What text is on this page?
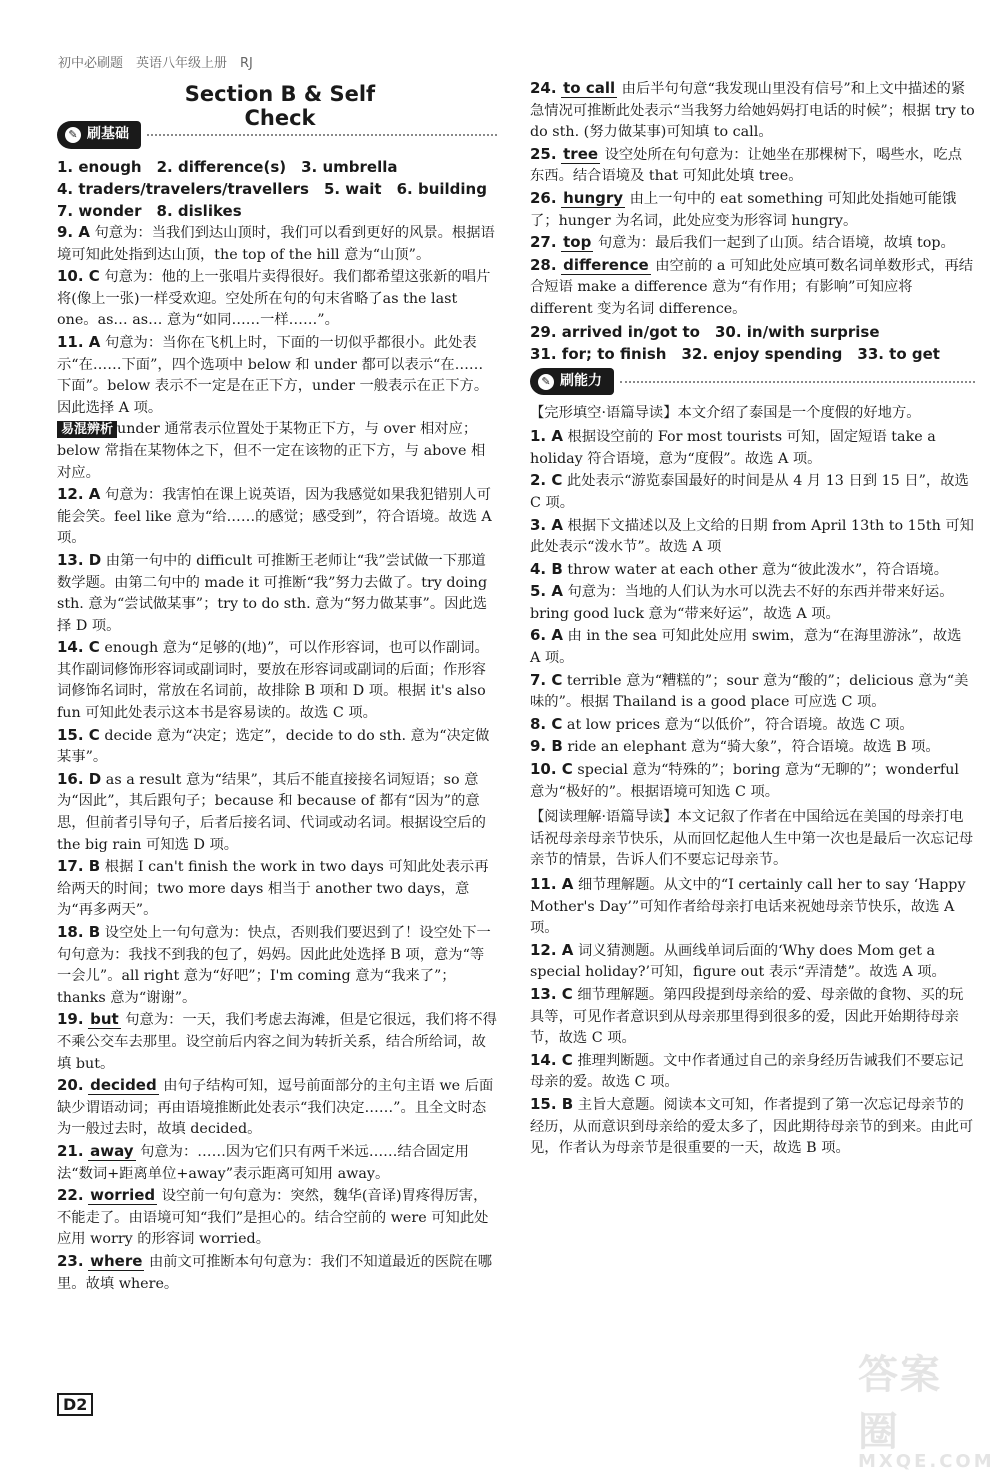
初中必刷题　英语八年级上册　RJ
Section B & Self Check
✎ 刷基础
1. enough　2. difference(s)　3. umbrella
4. traders/travelers/travellers　5. wait　6. building
7. wonder　8. dislikes
9. A 句意为：当我们到达山顶时，我们可以看到更好的风景。根据语境可知此处指到达山顶，the top of the hill 意为“山顶”。
10. C 句意为：他的上一张唱片卖得很好。我们都希望这张新的唱片将(像上一张)一样受欢迎。空处所在句的句末省略了as the last one。as… as… 意为“如同……一样……”。
11. A 句意为：当你在飞机上时，下面的一切似乎都很小。此处表示“在……下面”，四个选项中 below 和 under 都可以表示“在……下面”。below 表示不一定是在正下方，under 一般表示在正下方。因此选择 A 项。
易混辨析 under 通常表示位置处于某物正下方，与 over 相对应；below 常指在某物体之下，但不一定在该物的正下方，与 above 相对应。
12. A 句意为：我害怕在课上说英语，因为我感觉如果我犯错别人可能会笑。feel like 意为“给……的感觉；感受到”，符合语境。故选 A 项。
13. D 由第一句中的 difficult 可推断王老师让“我”尝试做一下那道数学题。由第二句中的 made it 可推断“我”努力去做了。try doing sth. 意为“尝试做某事”；try to do sth. 意为“努力做某事”。因此选择 D 项。
14. C enough 意为“足够的(地)”，可以作形容词，也可以作副词。其作副词修饰形容词或副词时，要放在形容词或副词的后面；作形容词修饰名词时，常放在名词前，故排除 B 项和 D 项。根据 it's also fun 可知此处表示这本书是容易读的。故选 C 项。
15. C decide 意为“决定；选定”，decide to do sth. 意为“决定做某事”。
16. D as a result 意为“结果”，其后不能直接接名词短语；so 意为“因此”，其后跟句子；because 和 because of 都有“因为”的意思，但前者引导句子，后者后接名词、代词或动名词。根据设空后的 the big rain 可知选 D 项。
17. B 根据 I can't finish the work in two days 可知此处表示再给两天的时间；two more days 相当于 another two days，意为“再多两天”。
18. B 设空处上一句句意为：快点，否则我们要迟到了！设空处下一句句意为：我找不到我的包了，妈妈。因此此处选择 B 项，意为“等一会儿”。all right 意为“好吧”；I'm coming 意为“我来了”；thanks 意为“谢谢”。
19. but 句意为：一天，我们考虑去海滩，但是它很远，我们将不得不乘公交车去那里。设空前后内容之间为转折关系，结合所给词，故填 but。
20. decided 由句子结构可知，逗号前面部分的主句主语 we 后面缺少谓语动词；再由语境推断此处表示“我们决定……”。且全文时态为一般过去时，故填 decided。
21. away 句意为：……因为它们只有两千米远……结合固定用法“数词+距离单位+away”表示距离可知用 away。
22. worried 设空前一句句意为：突然，魏华(音译)胃疼得厉害，不能走了。由语境可知“我们”是担心的。结合空前的 were 可知此处应用 worry 的形容词 worried。
23. where 由前文可推断本句句意为：我们不知道最近的医院在哪里。故填 where。
24. to call 由后半句句意“我发现山里没有信号”和上文中描述的紧急情况可推断此处表示“当我努力给她妈妈打电话的时候”；根据 try to do sth. (努力做某事)可知填 to call。
25. tree 设空处所在句句意为：让她坐在那棵树下，喝些水，吃点东西。结合语境及 that 可知此处填 tree。
26. hungry 由上一句中的 eat something 可知此处指她可能饿了；hunger 为名词，此处应变为形容词 hungry。
27. top 句意为：最后我们一起到了山顶。结合语境，故填 top。
28. difference 由空前的 a 可知此处应填可数名词单数形式，再结合短语 make a difference 意为“有作用；有影响”可知应将 different 变为名词 difference。
29. arrived in/got to　30. in/with surprise
31. for; to finish　32. enjoy spending　33. to get
✎ 刷能力
【完形填空·语篇导读】本文介绍了泰国是一个度假的好地方。
1. A 根据设空前的 For most tourists 可知，固定短语 take a holiday 符合语境，意为“度假”。故选 A 项。
2. C 此处表示“游览泰国最好的时间是从 4 月 13 日到 15 日”，故选 C 项。
3. A 根据下文描述以及上文给的日期 from April 13th to 15th 可知此处表示“泼水节”。故选 A 项
4. B throw water at each other 意为“彼此泼水”，符合语境。
5. A 句意为：当地的人们认为水可以洗去不好的东西并带来好运。bring good luck 意为“带来好运”，故选 A 项。
6. A 由 in the sea 可知此处应用 swim，意为“在海里游泳”，故选 A 项。
7. C terrible 意为“糟糕的”；sour 意为“酸的”；delicious 意为“美味的”。根据 Thailand is a good place 可应选 C 项。
8. C at low prices 意为“以低价”，符合语境。故选 C 项。
9. B ride an elephant 意为“骑大象”，符合语境。故选 B 项。
10. C special 意为“特殊的”；boring 意为“无聊的”；wonderful 意为“极好的”。根据语境可知选 C 项。
【阅读理解·语篇导读】本文记叙了作者在中国给远在美国的母亲打电话祝母亲母亲节快乐，从而回忆起他人生中第一次也是最后一次忘记母亲节的情景，告诉人们不要忘记母亲节。
11. A 细节理解题。从文中的“I certainly call her to say ‘Happy Mother's Day’”可知作者给母亲打电话来祝她母亲节快乐，故选 A 项。
12. A 词义猜测题。从画线单词后面的‘Why does Mom get a special holiday?’可知，figure out 表示“弄清楚”。故选 A 项。
13. C 细节理解题。第四段提到母亲给的爱、母亲做的食物、买的玩具等，可见作者意识到从母亲那里得到很多的爱，因此开始期待母亲节，故选 C 项。
14. C 推理判断题。文中作者通过自己的亲身经历告诫我们不要忘记母亲的爱。故选 C 项。
15. B 主旨大意题。阅读本文可知，作者提到了第一次忘记母亲节的经历，从而意识到母亲给的爱太多了，因此期待母亲节的到来。由此可见，作者认为母亲节是很重要的一天，故选 B 项。
D2
答案圈
MXQE.COM
